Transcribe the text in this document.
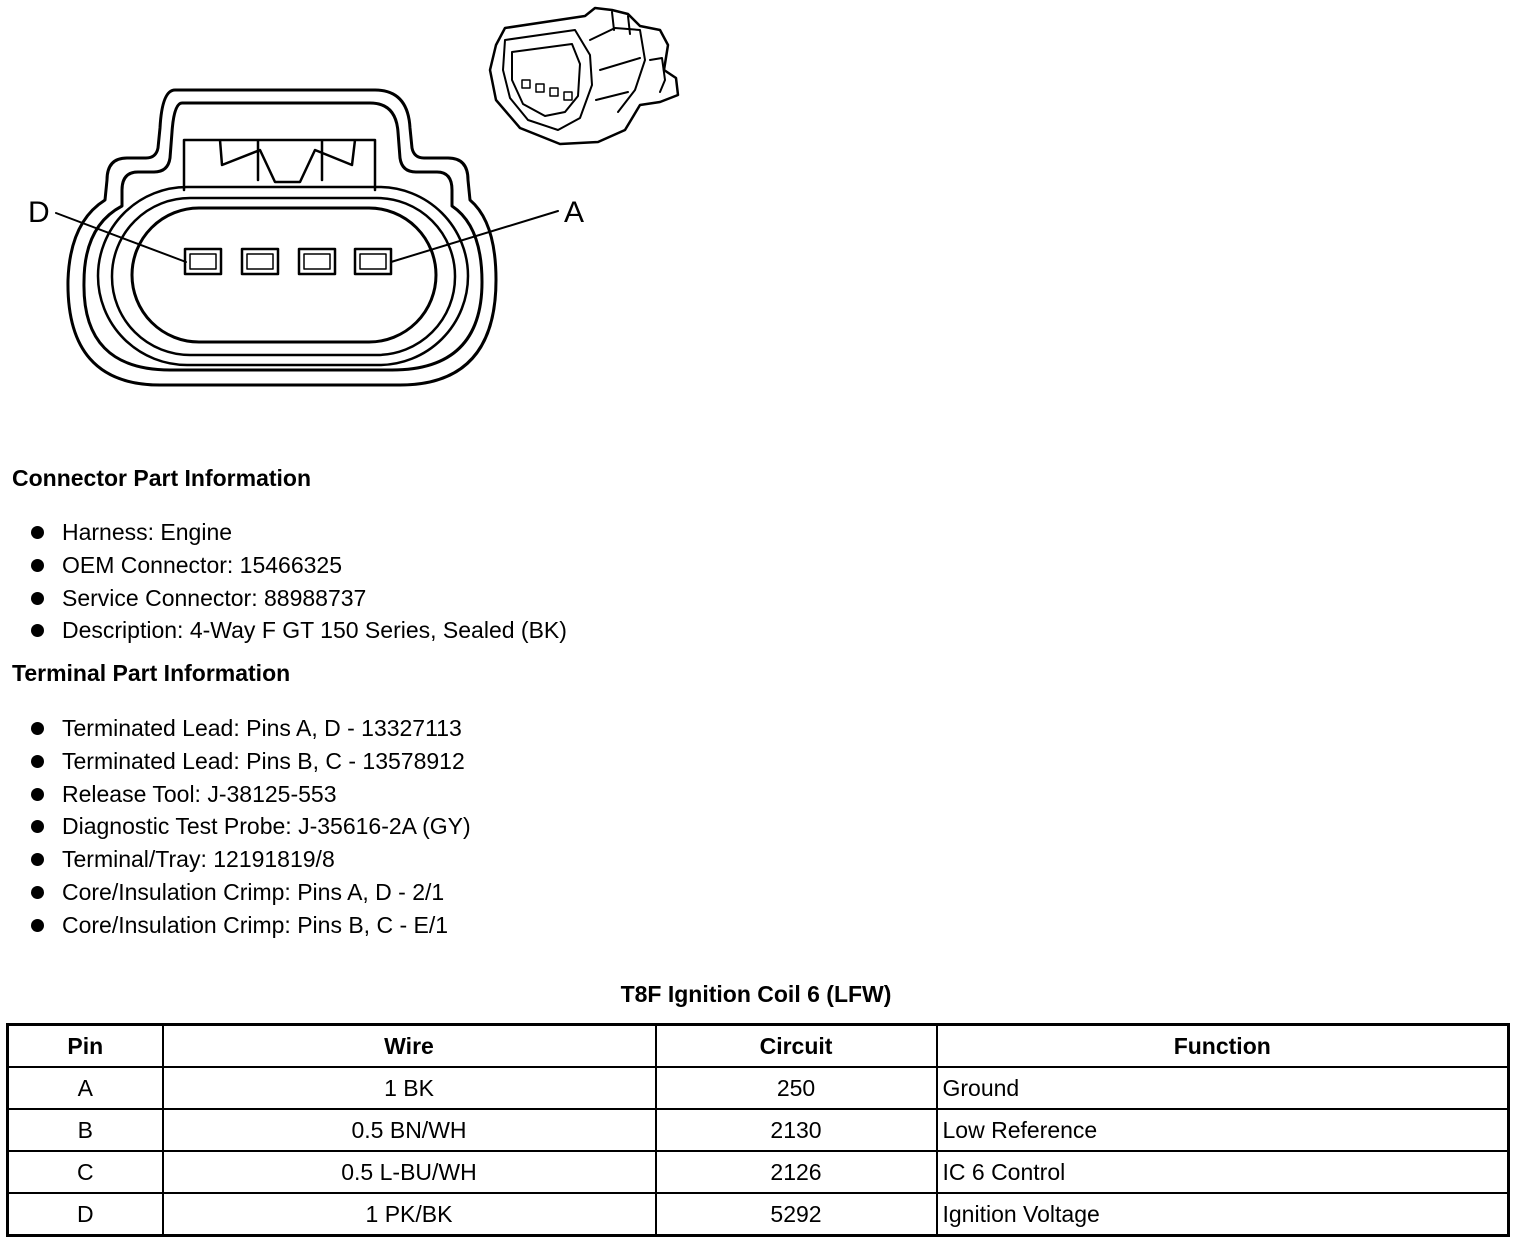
D	A
Connector Part Information
Harness: Engine
OEM Connector: 15466325
Service Connector: 88988737
Description: 4-Way F GT 150 Series, Sealed (BK)
Terminal Part Information
Terminated Lead: Pins A, D - 13327113
Terminated Lead: Pins B, C - 13578912
Release Tool: J-38125-553
Diagnostic Test Probe: J-35616-2A (GY)
Terminal/Tray: 12191819/8
Core/Insulation Crimp: Pins A, D - 2/1
Core/Insulation Crimp: Pins B, C - E/1
T8F Ignition Coil 6 (LFW)
Pin	Wire	Circuit	Function
A	1 BK	250	Ground
B	0.5 BN/WH	2130	Low Reference
C	0.5 L-BU/WH	2126	IC 6 Control
D	1 PK/BK	5292	Ignition Voltage
